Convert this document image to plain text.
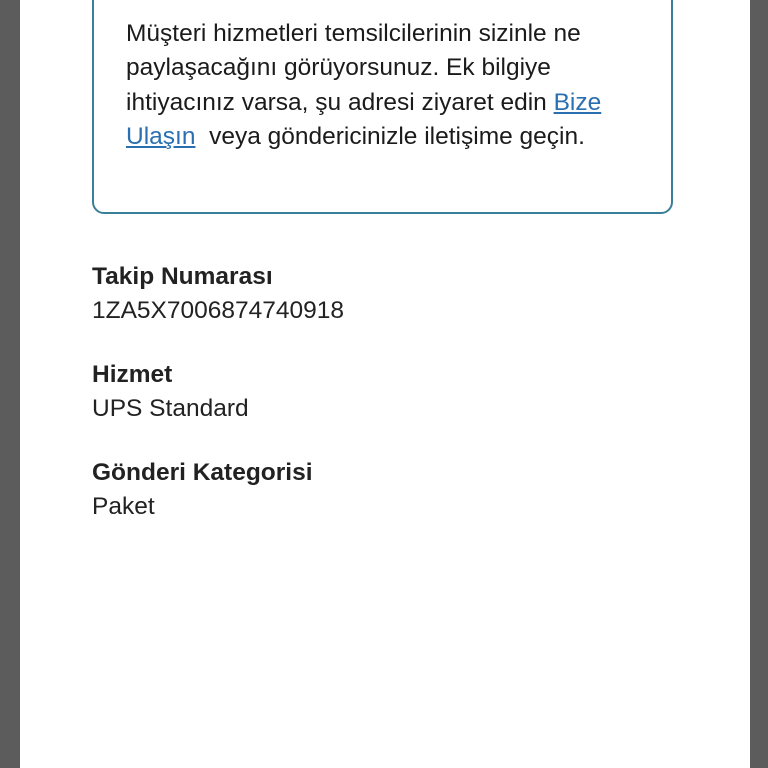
Müşteri hizmetleri temsilcilerinin sizinle ne paylaşacağını görüyorsunuz. Ek bilgiye ihtiyacınız varsa, şu adresi ziyaret edin Bize Ulaşın  veya göndericinizle iletişime geçin.

Takip Numarası
1ZA5X7006874740918
Hizmet
UPS Standard
Gönderi Kategorisi
Paket
